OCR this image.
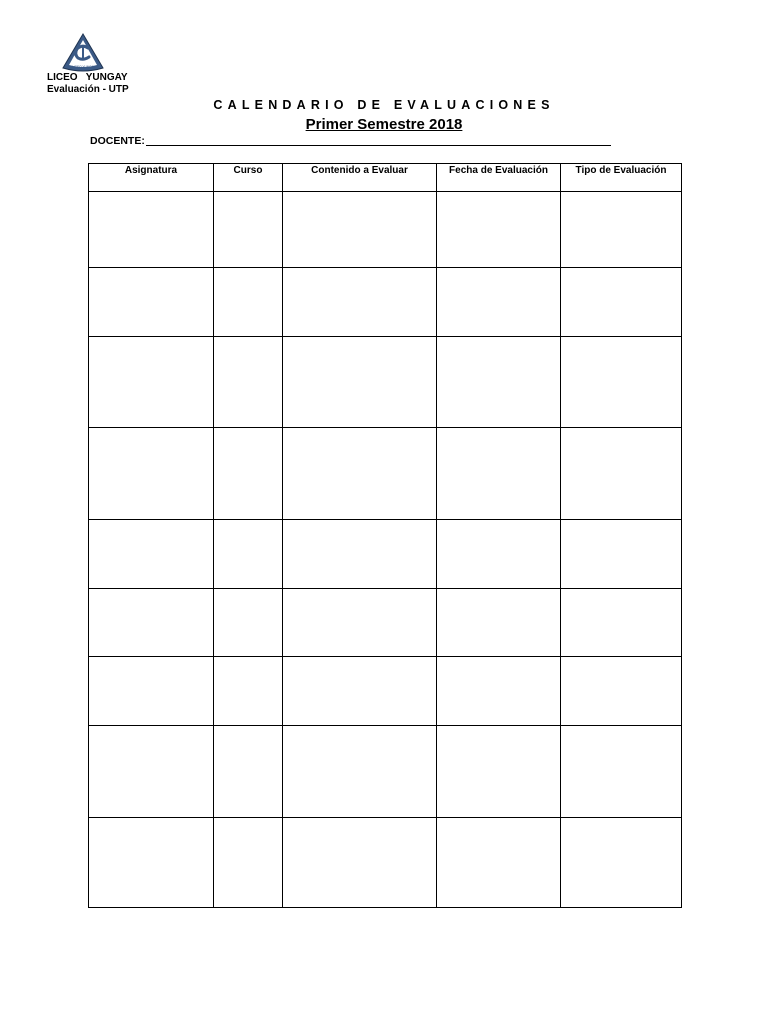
LICEO YUNGAY
LICEO   YUNGAY
Evaluación - UTP
CALENDARIO DE EVALUACIONES
Primer Semestre 2018
DOCENTE:
Asignatura	Curso	Contenido a Evaluar	Fecha de Evaluación	Tipo de Evaluación
